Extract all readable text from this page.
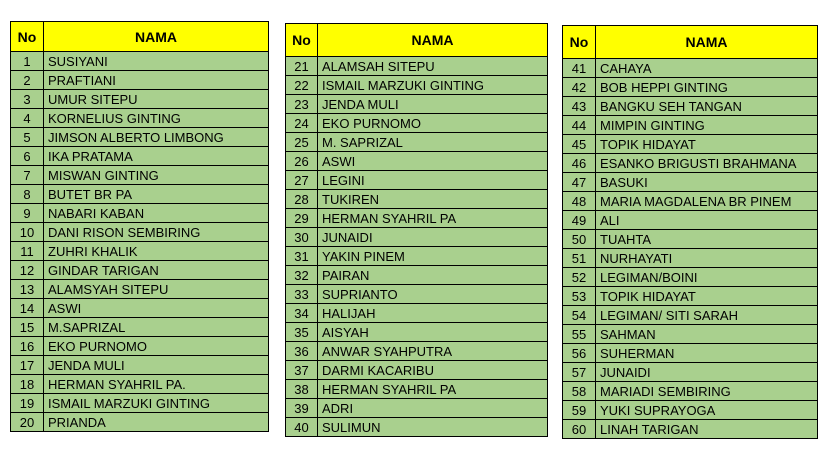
No	NAMA
1	SUSIYANI
2	PRAFTIANI
3	UMUR SITEPU
4	KORNELIUS GINTING
5	JIMSON ALBERTO LIMBONG
6	IKA PRATAMA
7	MISWAN GINTING
8	BUTET BR PA
9	NABARI KABAN
10	DANI RISON SEMBIRING
11	ZUHRI KHALIK
12	GINDAR TARIGAN
13	ALAMSYAH SITEPU
14	ASWI
15	M.SAPRIZAL
16	EKO PURNOMO
17	JENDA MULI
18	HERMAN SYAHRIL PA.
19	ISMAIL MARZUKI GINTING
20	PRIANDA
No	NAMA
21	ALAMSAH SITEPU
22	ISMAIL MARZUKI GINTING
23	JENDA MULI
24	EKO PURNOMO
25	M. SAPRIZAL
26	ASWI
27	LEGINI
28	TUKIREN
29	HERMAN SYAHRIL PA
30	JUNAIDI
31	YAKIN PINEM
32	PAIRAN
33	SUPRIANTO
34	HALIJAH
35	AISYAH
36	ANWAR SYAHPUTRA
37	DARMI KACARIBU
38	HERMAN SYAHRIL PA
39	ADRI
40	SULIMUN
No	NAMA
41	CAHAYA
42	BOB HEPPI GINTING
43	BANGKU SEH TANGAN
44	MIMPIN GINTING
45	TOPIK HIDAYAT
46	ESANKO BRIGUSTI BRAHMANA
47	BASUKI
48	MARIA MAGDALENA BR PINEM
49	ALI
50	TUAHTA
51	NURHAYATI
52	LEGIMAN/BOINI
53	TOPIK HIDAYAT
54	LEGIMAN/ SITI SARAH
55	SAHMAN
56	SUHERMAN
57	JUNAIDI
58	MARIADI SEMBIRING
59	YUKI SUPRAYOGA
60	LINAH TARIGAN
